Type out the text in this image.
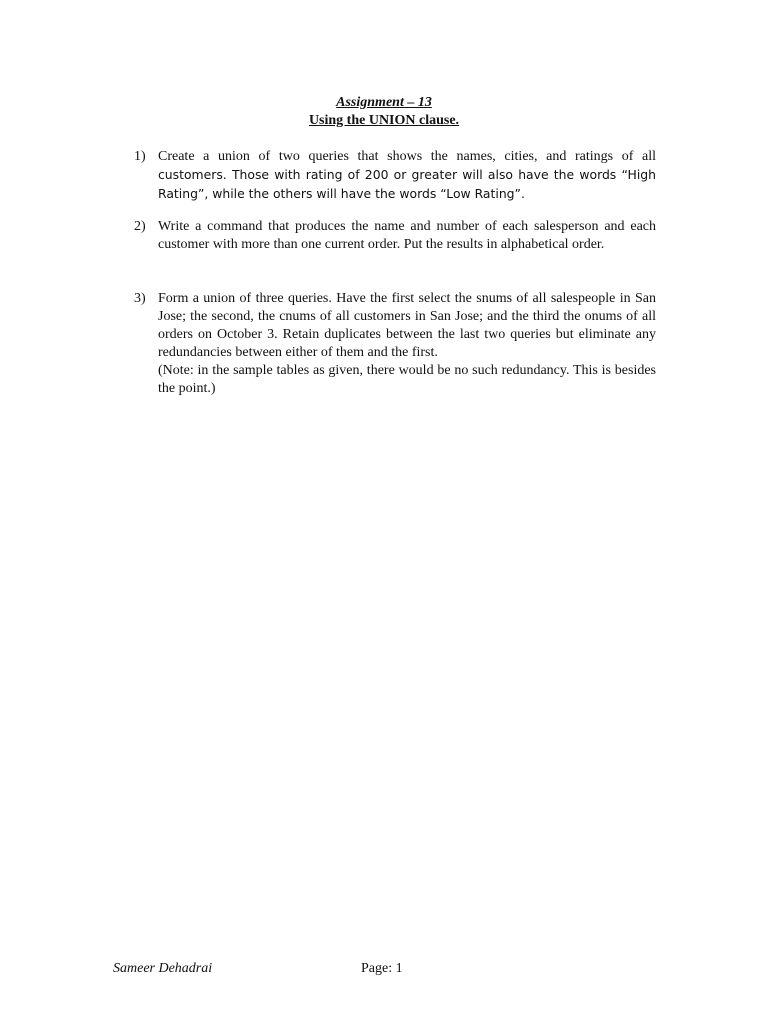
Assignment – 13
Using the UNION clause.
1) Create a union of two queries that shows the names, cities, and ratings of all customers. Those with rating of 200 or greater will also have the words “High Rating”, while the others will have the words “Low Rating”.
2) Write a command that produces the name and number of each salesperson and each customer with more than one current order. Put the results in alphabetical order.

3) Form a union of three queries. Have the first select the snums of all salespeople in San Jose; the second, the cnums of all customers in San Jose; and the third the onums of all orders on October 3. Retain duplicates between the last two queries but eliminate any redundancies between either of them and the first.

(Note: in the sample tables as given, there would be no such redundancy. This is besides the point.)

Sameer Dehadrai	Page: 1
